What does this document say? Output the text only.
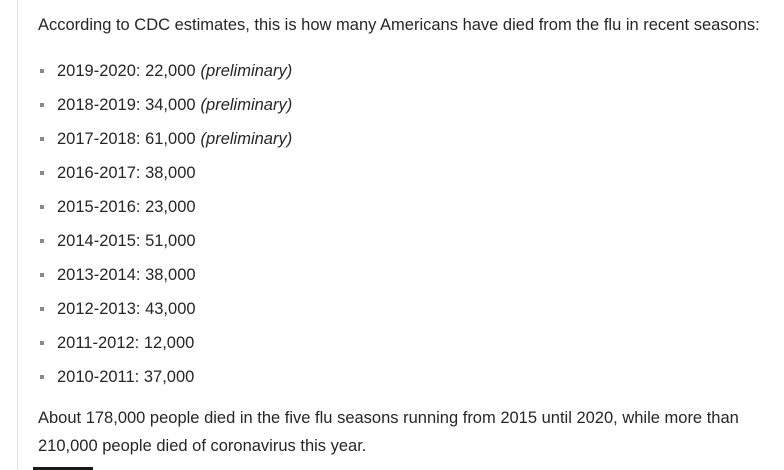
According to CDC estimates, this is how many Americans have died from the flu in recent seasons:

2019-2020: 22,000 (preliminary)
2018-2019: 34,000 (preliminary)
2017-2018: 61,000 (preliminary)
2016-2017: 38,000
2015-2016: 23,000
2014-2015: 51,000
2013-2014: 38,000
2012-2013: 43,000
2011-2012: 12,000
2010-2011: 37,000

About 178,000 people died in the five flu seasons running from 2015 until 2020, while more than 210,000 people died of coronavirus this year.
